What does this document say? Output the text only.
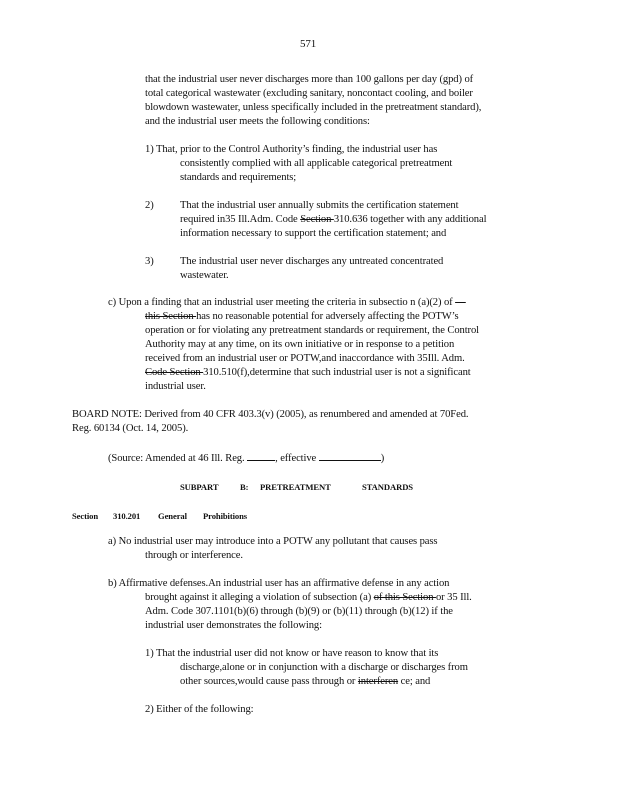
571

that the industrial user never discharges more than 100 gallons per day (gpd) of

total categorical wastewater (excluding sanitary, noncontact cooling, and boiler

blowdown wastewater, unless specifically included in the pretreatment standard),

and the industrial user meets the following conditions:

1) That, prior to the Control Authority’s finding, the industrial user has

consistently complied with all applicable categorical pretreatment

standards and requirements;

2) That the industrial user annually submits the certification statement

required in35 Ill.Adm. Code Section 310.636 together with any additional

information necessary to support the certification statement; and

3) The industrial user never discharges any untreated concentrated

wastewater.

c) Upon a finding that an industrial user meeting the criteria in subsectio n (a)(2) of —

this Section has no reasonable potential for adversely affecting the POTW’s

operation or for violating any pretreatment standards or requirement, the Control

Authority may at any time, on its own initiative or in response to a petition

received from an industrial user or POTW,and inaccordance with 35Ill. Adm.

Code Section 310.510(f),determine that such industrial user is not a significant

industrial user.

BOARD NOTE: Derived from 40 CFR 403.3(v) (2005), as renumbered and amended at 70Fed.

Reg. 60134 (Oct. 14, 2005).

(Source: Amended at 46 Ill. Reg.	, effective	)

SUBPART	B: PRETREATMENT	STANDARDS

Section 310.201 General Prohibitions

a) No industrial user may introduce into a POTW any pollutant that causes pass

through or interference.

b) Affirmative defenses.An industrial user has an affirmative defense in any action

brought against it alleging a violation of subsection (a) of this Section or 35 Ill.

Adm. Code 307.1101(b)(6) through (b)(9) or (b)(11) through (b)(12) if the

industrial user demonstrates the following:

1) That the industrial user did not know or have reason to know that its

discharge,alone or in conjunction with a discharge or discharges from

other sources,would cause pass through or interferen ce; and

2) Either of the following:
